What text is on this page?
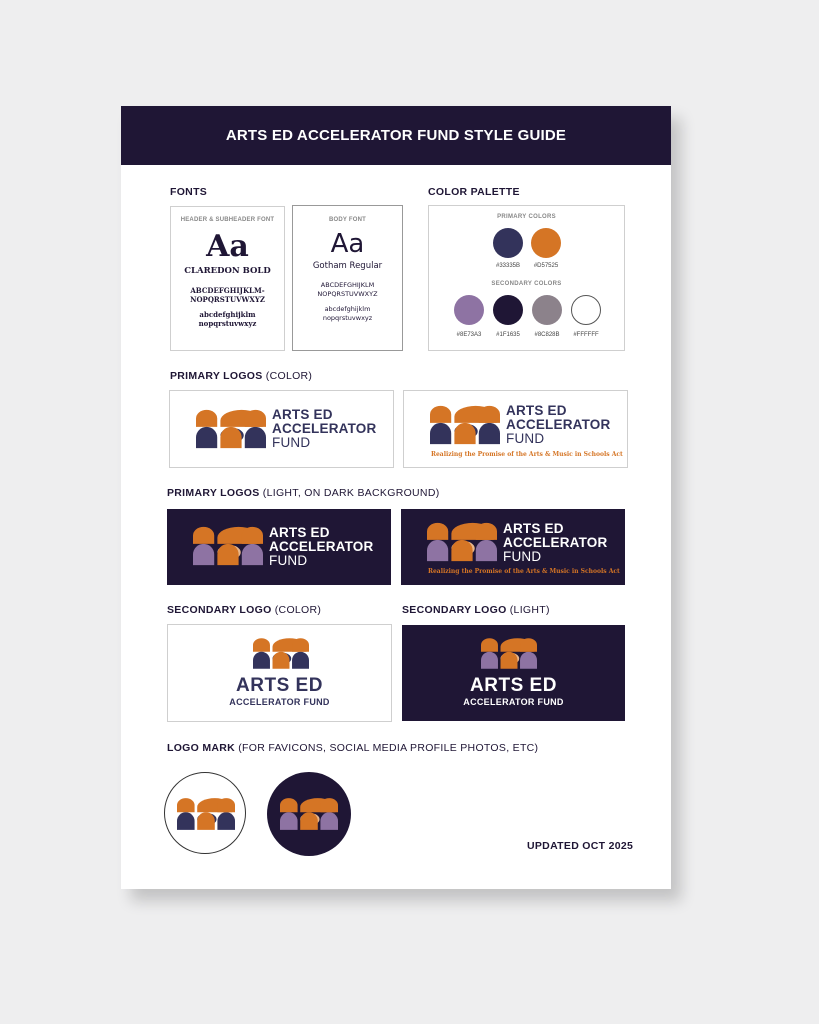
ARTS ED ACCELERATOR FUND STYLE GUIDE
FONTS
HEADER & SUBHEADER FONT
Aa
CLAREDON BOLD
ABCDEFGHIJKLM-
NOPQRSTUVWXYZ
abcdefghijklm
nopqrstuvwxyz
BODY FONT
Aa
Gotham Regular
ABCDEFGHIJKLM
NOPQRSTUVWXYZ
abcdefghijklm
nopqrstuvwxyz
COLOR PALETTE
PRIMARY COLORS
#33335B	#D57525
SECONDARY COLORS
#8E73A3	#1F1635	#8C828B	#FFFFFF
PRIMARY LOGOS (COLOR)
ARTS ED
ACCELERATOR
FUND
ARTS ED
ACCELERATOR
FUND
Realizing the Promise of the Arts & Music in Schools Act
PRIMARY LOGOS (LIGHT, ON DARK BACKGROUND)
ARTS ED
ACCELERATOR
FUND
ARTS ED
ACCELERATOR
FUND
Realizing the Promise of the Arts & Music in Schools Act
SECONDARY LOGO (COLOR)	SECONDARY LOGO (LIGHT)
ARTS ED
ACCELERATOR FUND
ARTS ED
ACCELERATOR FUND
LOGO MARK (FOR FAVICONS, SOCIAL MEDIA PROFILE PHOTOS, ETC)
UPDATED OCT 2025
